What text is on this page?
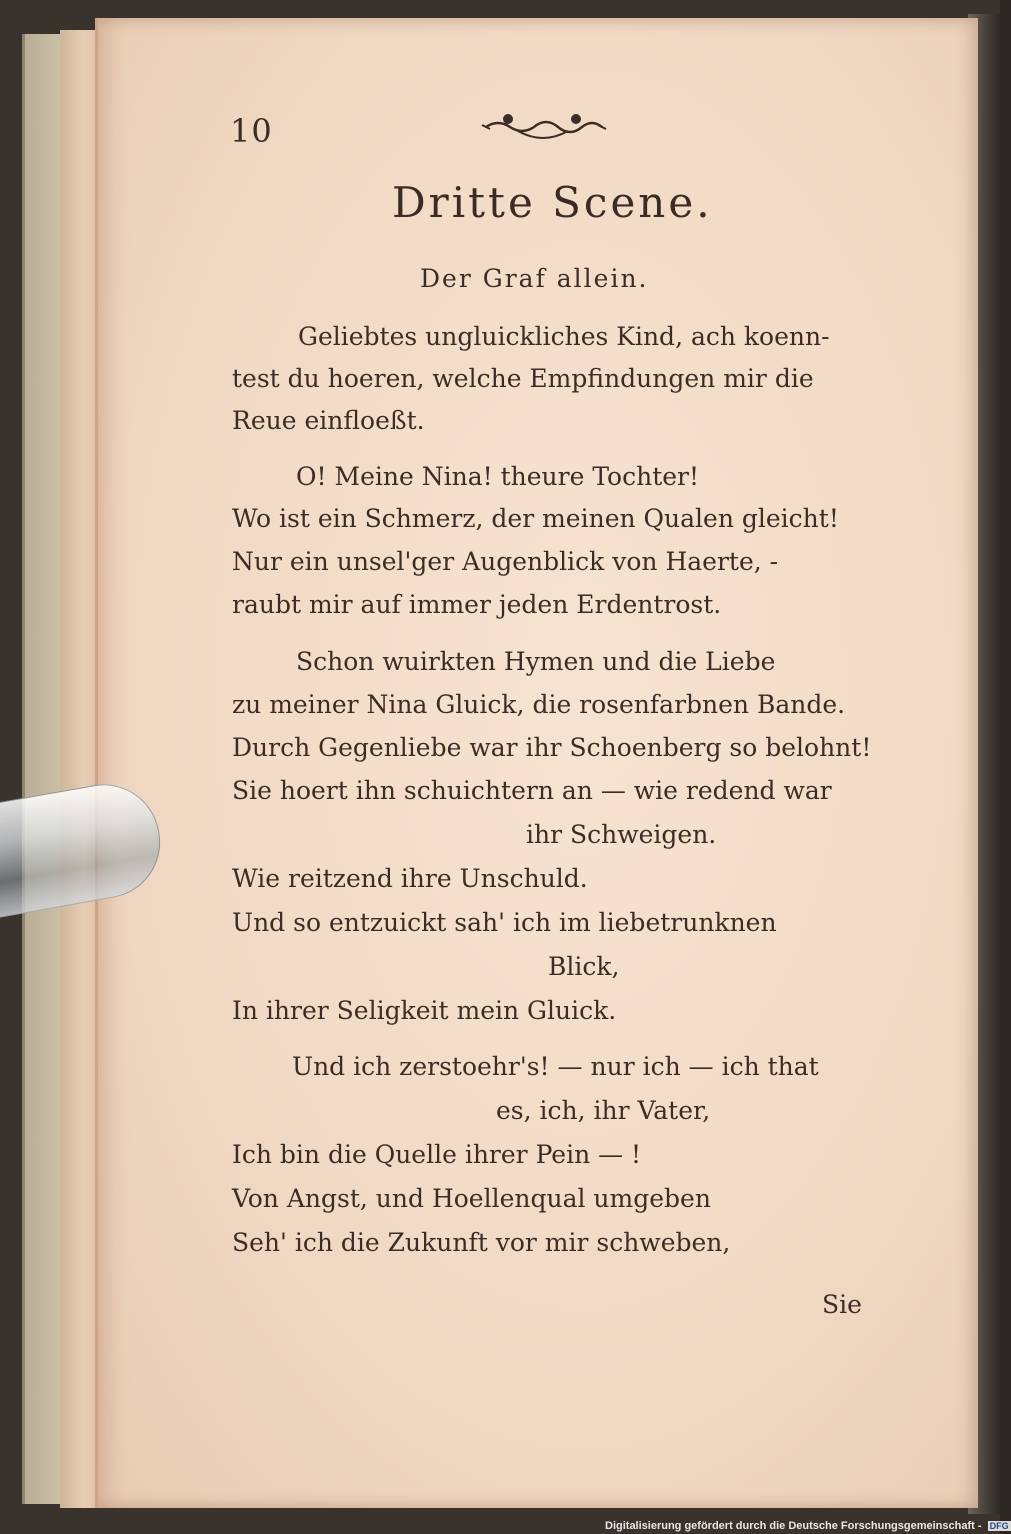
10
Dritte Scene.
Der Graf allein.
Geliebtes ungluickliches Kind, ach koenn-
test du hoeren, welche Empfindungen mir die
Reue einfloeßt.
O! Meine Nina! theure Tochter!
Wo ist ein Schmerz, der meinen Qualen gleicht!
Nur ein unsel'ger Augenblick von Haerte, -
raubt mir auf immer jeden Erdentrost.
Schon wuirkten Hymen und die Liebe
zu meiner Nina Gluick, die rosenfarbnen Bande.
Durch Gegenliebe war ihr Schoenberg so belohnt!
Sie hoert ihn schuichtern an — wie redend war
ihr Schweigen.
Wie reitzend ihre Unschuld.
Und so entzuickt sah' ich im liebetrunknen
Blick,
In ihrer Seligkeit mein Gluick.
Und ich zerstoehr's! — nur ich — ich that
es, ich, ihr Vater,
Ich bin die Quelle ihrer Pein — !
Von Angst, und Hoellenqual umgeben
Seh' ich die Zukunft vor mir schweben,
Sie
Digitalisierung gefördert durch die Deutsche Forschungsgemeinschaft - DFG
